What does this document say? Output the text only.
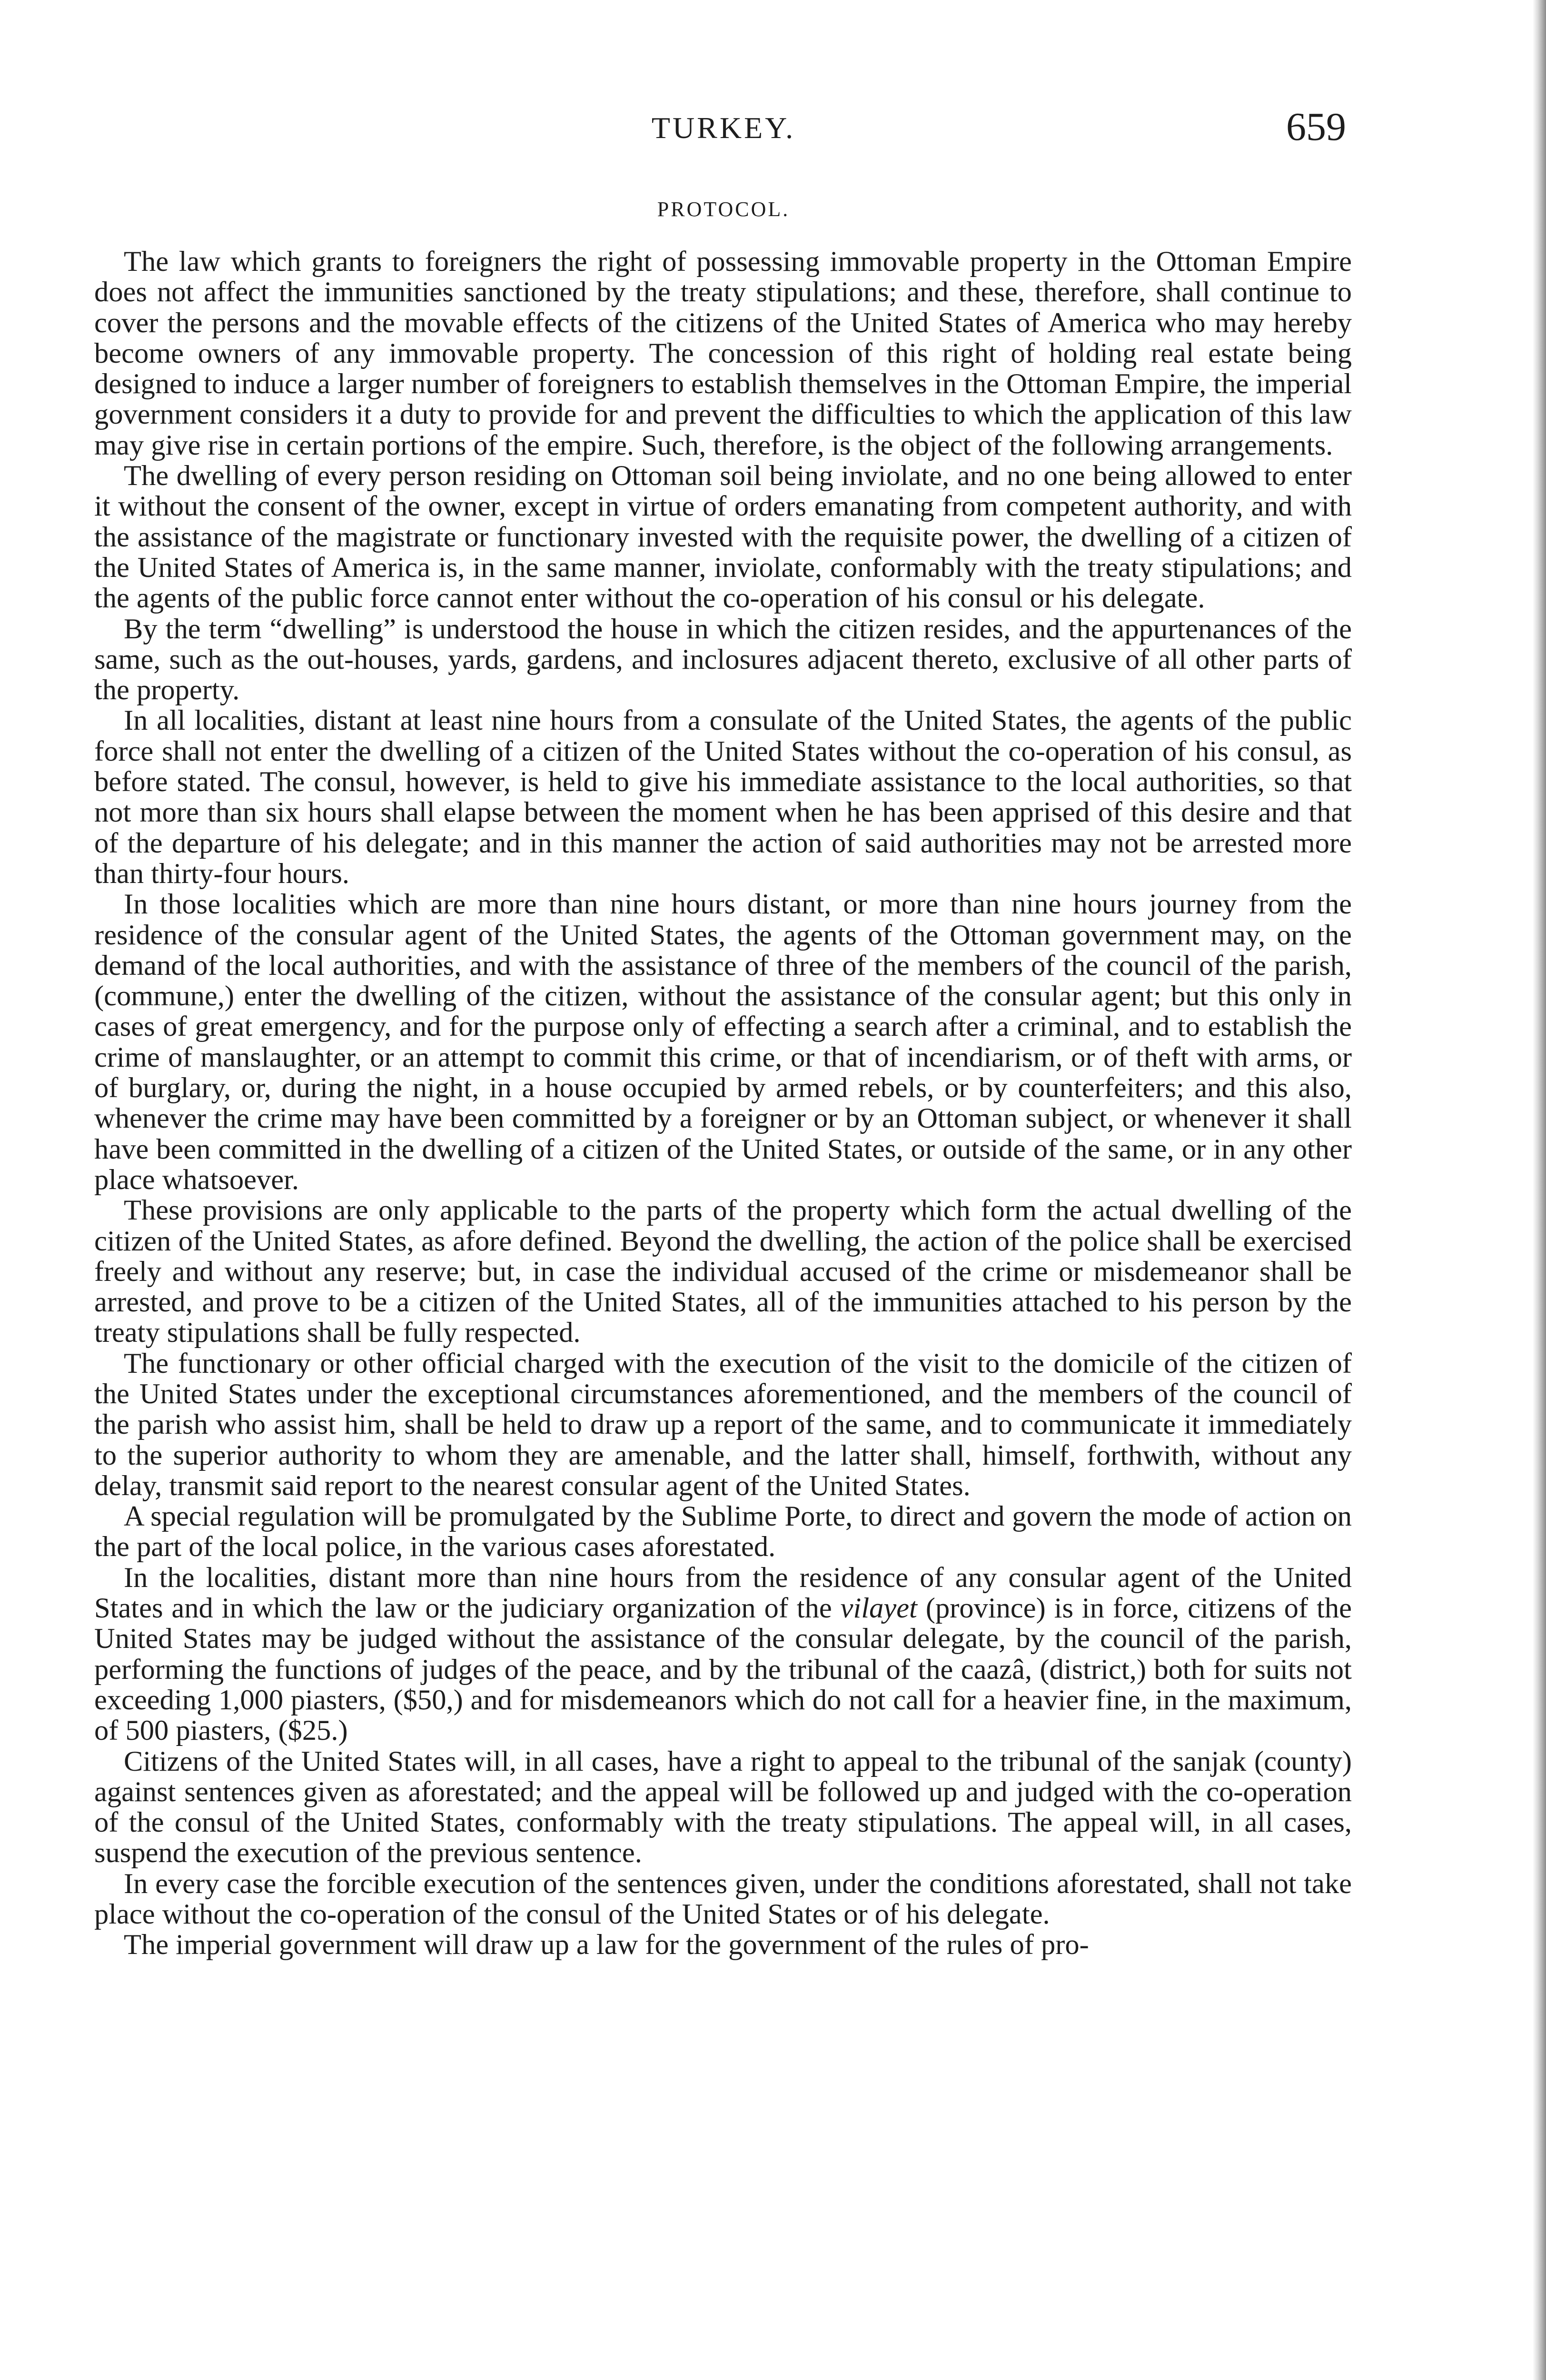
TURKEY.	659
PROTOCOL.

The law which grants to foreigners the right of possessing immovable property in the Ottoman Empire does not affect the immunities sanctioned by the treaty stipulations; and these, therefore, shall continue to cover the persons and the movable effects of the citizens of the United States of America who may hereby become owners of any immovable property. The concession of this right of holding real estate being designed to induce a larger number of foreigners to establish themselves in the Ottoman Empire, the imperial government considers it a duty to provide for and prevent the difficulties to which the application of this law may give rise in certain portions of the empire. Such, therefore, is the object of the following arrangements.

The dwelling of every person residing on Ottoman soil being inviolate, and no one being allowed to enter it without the consent of the owner, except in virtue of orders emanating from competent authority, and with the assistance of the magistrate or functionary invested with the requisite power, the dwelling of a citizen of the United States of America is, in the same manner, inviolate, conformably with the treaty stipulations; and the agents of the public force cannot enter without the co-operation of his consul or his delegate.

By the term “dwelling” is understood the house in which the citizen resides, and the appurtenances of the same, such as the out-houses, yards, gardens, and inclosures adjacent thereto, exclusive of all other parts of the property.

In all localities, distant at least nine hours from a consulate of the United States, the agents of the public force shall not enter the dwelling of a citizen of the United States without the co-operation of his consul, as before stated. The consul, however, is held to give his immediate assistance to the local authorities, so that not more than six hours shall elapse between the moment when he has been apprised of this desire and that of the departure of his delegate; and in this manner the action of said authorities may not be arrested more than thirty-four hours.

In those localities which are more than nine hours distant, or more than nine hours journey from the residence of the consular agent of the United States, the agents of the Ottoman government may, on the demand of the local authorities, and with the assistance of three of the members of the council of the parish, (commune,) enter the dwelling of the citizen, without the assistance of the consular agent; but this only in cases of great emergency, and for the purpose only of effecting a search after a criminal, and to establish the crime of manslaughter, or an attempt to commit this crime, or that of incendiarism, or of theft with arms, or of burglary, or, during the night, in a house occupied by armed rebels, or by counterfeiters; and this also, whenever the crime may have been committed by a foreigner or by an Ottoman subject, or whenever it shall have been committed in the dwelling of a citizen of the United States, or outside of the same, or in any other place whatsoever.

These provisions are only applicable to the parts of the property which form the actual dwelling of the citizen of the United States, as afore defined. Beyond the dwelling, the action of the police shall be exercised freely and without any reserve; but, in case the individual accused of the crime or misdemeanor shall be arrested, and prove to be a citizen of the United States, all of the immunities attached to his person by the treaty stipulations shall be fully respected.

The functionary or other official charged with the execution of the visit to the domicile of the citizen of the United States under the exceptional circumstances aforementioned, and the members of the council of the parish who assist him, shall be held to draw up a report of the same, and to communicate it immediately to the superior authority to whom they are amenable, and the latter shall, himself, forthwith, without any delay, transmit said report to the nearest consular agent of the United States.

A special regulation will be promulgated by the Sublime Porte, to direct and govern the mode of action on the part of the local police, in the various cases aforestated.

In the localities, distant more than nine hours from the residence of any consular agent of the United States and in which the law or the judiciary organization of the vilayet (province) is in force, citizens of the United States may be judged without the assistance of the consular delegate, by the council of the parish, performing the functions of judges of the peace, and by the tribunal of the caazâ, (district,) both for suits not exceeding 1,000 piasters, ($50,) and for misdemeanors which do not call for a heavier fine, in the maximum, of 500 piasters, ($25.)

Citizens of the United States will, in all cases, have a right to appeal to the tribunal of the sanjak (county) against sentences given as aforestated; and the appeal will be followed up and judged with the co-operation of the consul of the United States, conformably with the treaty stipulations. The appeal will, in all cases, suspend the execution of the previous sentence.

In every case the forcible execution of the sentences given, under the conditions aforestated, shall not take place without the co-operation of the consul of the United States or of his delegate.

The imperial government will draw up a law for the government of the rules of pro-
